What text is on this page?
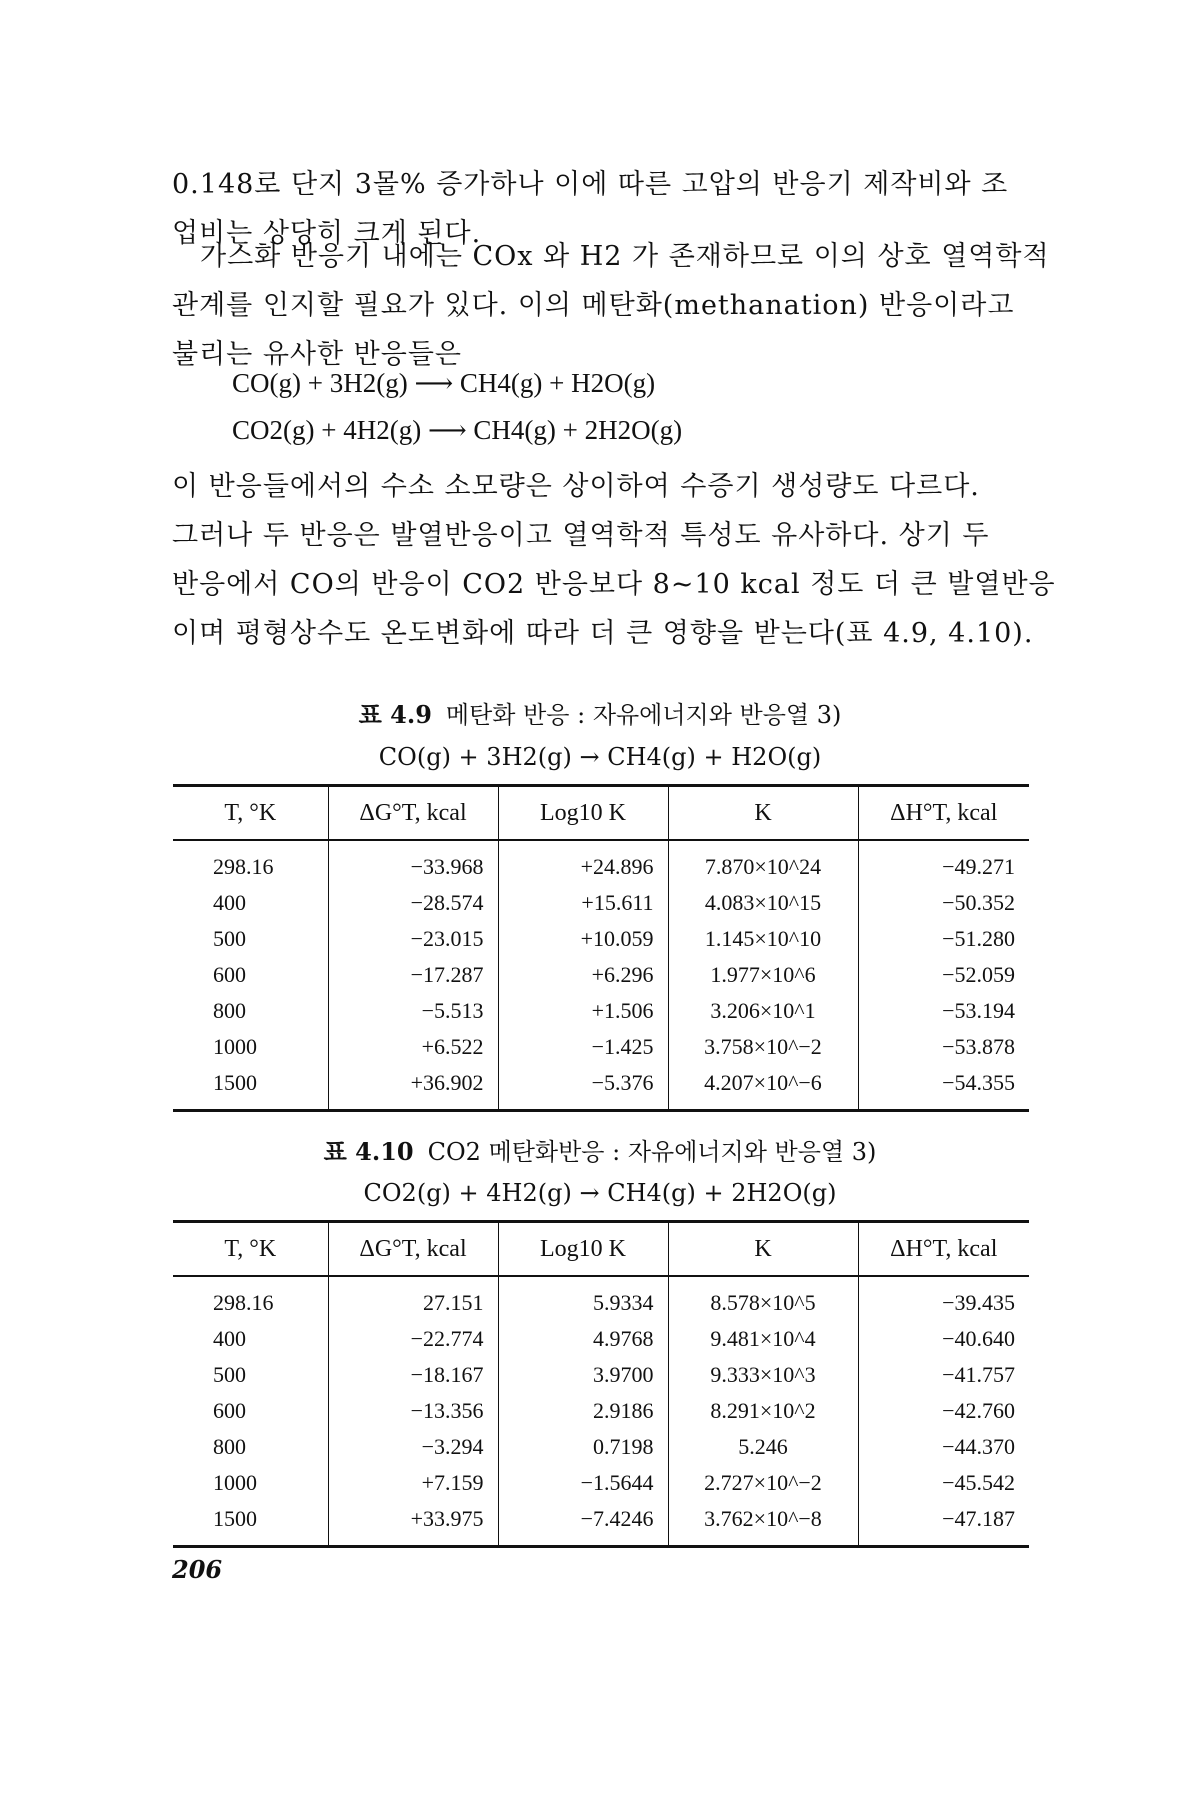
0.148로 단지 3몰% 증가하나 이에 따른 고압의 반응기 제작비와 조
업비는 상당히 크게 된다.
가스화 반응기 내에는 COx 와 H2 가 존재하므로 이의 상호 열역학적
관계를 인지할 필요가 있다. 이의 메탄화(methanation) 반응이라고
불리는 유사한 반응들은
CO(g) + 3H2(g) ⟶ CH4(g) + H2O(g)
CO2(g) + 4H2(g) ⟶ CH4(g) + 2H2O(g)
이 반응들에서의 수소 소모량은 상이하여 수증기 생성량도 다르다.
그러나 두 반응은 발열반응이고 열역학적 특성도 유사하다. 상기 두
반응에서 CO의 반응이 CO2 반응보다 8~10 kcal 정도 더 큰 발열반응
이며 평형상수도 온도변화에 따라 더 큰 영향을 받는다(표 4.9, 4.10).
표 4.9 메탄화 반응 : 자유에너지와 반응열 3)
CO(g) + 3H2(g) → CH4(g) + H2O(g)
T, °K	ΔG°T, kcal	Log10 K	K	ΔH°T, kcal
298.16	−33.968	+24.896	7.870×10^24	−49.271
400	−28.574	+15.611	4.083×10^15	−50.352
500	−23.015	+10.059	1.145×10^10	−51.280
600	−17.287	+6.296	1.977×10^6	−52.059
800	−5.513	+1.506	3.206×10^1	−53.194
1000	+6.522	−1.425	3.758×10^−2	−53.878
1500	+36.902	−5.376	4.207×10^−6	−54.355
표 4.10 CO2 메탄화반응 : 자유에너지와 반응열 3)
CO2(g) + 4H2(g) → CH4(g) + 2H2O(g)
T, °K	ΔG°T, kcal	Log10 K	K	ΔH°T, kcal
298.16	27.151	5.9334	8.578×10^5	−39.435
400	−22.774	4.9768	9.481×10^4	−40.640
500	−18.167	3.9700	9.333×10^3	−41.757
600	−13.356	2.9186	8.291×10^2	−42.760
800	−3.294	0.7198	5.246	−44.370
1000	+7.159	−1.5644	2.727×10^−2	−45.542
1500	+33.975	−7.4246	3.762×10^−8	−47.187
206
